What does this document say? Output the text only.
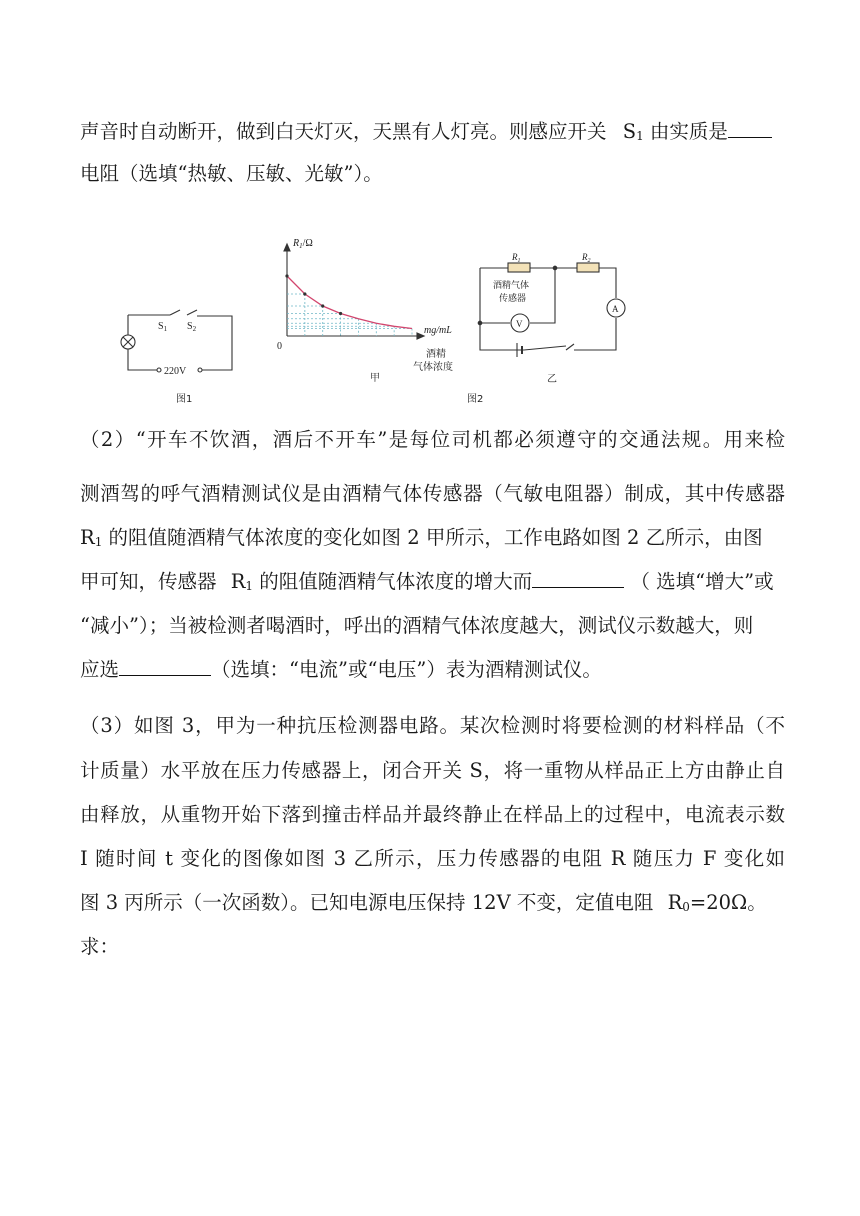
声音时自动断开，做到白天灯灭，天黑有人灯亮。则感应开关 S1 由实质是
电阻（选填“热敏、压敏、光敏”）。
$S_1$ $S_2$
220V
图1
$R_1/\Omega$
0
mg/mL
酒精
气体浓度
甲
图2
$R_1$	$R_2$
酒精气体
传感器
V
A
乙
（2）“开车不饮酒，酒后不开车”是每位司机都必须遵守的交通法规。用来检
测酒驾的呼气酒精测试仪是由酒精气体传感器（气敏电阻器）制成，其中传感器
R1 的阻值随酒精气体浓度的变化如图 2 甲所示，工作电路如图 2 乙所示，由图
甲可知，传感器 R1 的阻值随酒精气体浓度的增大而	（ 选填“增大”或
“减小”）；当被检测者喝酒时，呼出的酒精气体浓度越大，测试仪示数越大，则
应选	（选填：“电流”或“电压”）表为酒精测试仪。
（3）如图 3，甲为一种抗压检测器电路。某次检测时将要检测的材料样品（不
计质量）水平放在压力传感器上，闭合开关 S，将一重物从样品正上方由静止自
由释放，从重物开始下落到撞击样品并最终静止在样品上的过程中，电流表示数
I 随时间 t 变化的图像如图 3 乙所示，压力传感器的电阻 R 随压力 F 变化如
图 3 丙所示（一次函数）。已知电源电压保持 12V 不变，定值电阻 R0=20Ω。
求：
